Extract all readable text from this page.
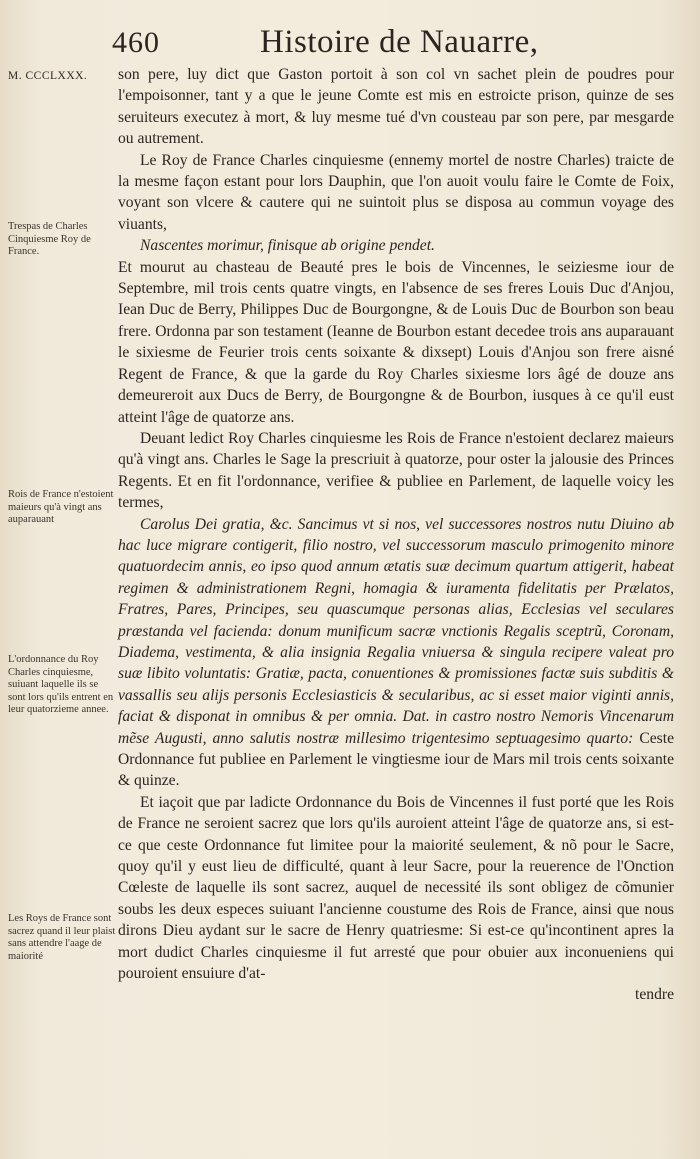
460	Histoire de Nauarre,
M. CCCLXXX.
Trespas de Charles Cinquiesme Roy de France.
Rois de France n'estoient maieurs qu'à vingt ans auparauant
L'ordonnance du Roy Charles cinquiesme, suiuant laquelle ils se sont lors qu'ils entrent en leur quatorzieme annee.
Les Roys de France sont sacrez quand il leur plaist sans attendre l'aage de maiorité

son pere, luy dict que Gaston portoit à son col vn sachet plein de poudres pour l'empoisonner, tant y a que le jeune Comte est mis en estroicte prison, quinze de ses seruiteurs executez à mort, & luy mesme tué d'vn cousteau par son pere, par mesgarde ou autrement.

Le Roy de France Charles cinquiesme (ennemy mortel de nostre Charles) traicte de la mesme façon estant pour lors Dauphin, que l'on auoit voulu faire le Comte de Foix, voyant son vlcere & cautere qui ne suintoit plus se disposa au commun voyage des viuants,

Nascentes morimur, finisque ab origine pendet.

Et mourut au chasteau de Beauté pres le bois de Vincennes, le seiziesme iour de Septembre, mil trois cents quatre vingts, en l'absence de ses freres Louis Duc d'Anjou, Iean Duc de Berry, Philippes Duc de Bourgongne, & de Louis Duc de Bourbon son beau frere. Ordonna par son testament (Ieanne de Bourbon estant decedee trois ans auparauant le sixiesme de Feurier trois cents soixante & dixsept) Louis d'Anjou son frere aisné Regent de France, & que la garde du Roy Charles sixiesme lors âgé de douze ans demeureroit aux Ducs de Berry, de Bourgongne & de Bourbon, iusques à ce qu'il eust atteint l'âge de quatorze ans.

Deuant ledict Roy Charles cinquiesme les Rois de France n'estoient declarez maieurs qu'à vingt ans. Charles le Sage la prescriuit à quatorze, pour oster la jalousie des Princes Regents. Et en fit l'ordonnance, verifiee & publiee en Parlement, de laquelle voicy les termes,

Carolus Dei gratia, &c. Sancimus vt si nos, vel successores nostros nutu Diuino ab hac luce migrare contigerit, filio nostro, vel successorum masculo primogenito minore quatuordecim annis, eo ipso quod annum ætatis suæ decimum quartum attigerit, habeat regimen & administrationem Regni, homagia & iuramenta fidelitatis per Prælatos, Fratres, Pares, Principes, seu quascumque personas alias, Ecclesias vel seculares præstanda vel facienda: donum munificum sacræ vnctionis Regalis sceptrũ, Coronam, Diadema, vestimenta, & alia insignia Regalia vniuersa & singula recipere valeat pro suæ libito voluntatis: Gratiæ, pacta, conuentiones & promissiones factæ suis subditis & vassallis seu alijs personis Ecclesiasticis & secularibus, ac si esset maior viginti annis, faciat & disponat in omnibus & per omnia. Dat. in castro nostro Nemoris Vincenarum mẽse Augusti, anno salutis nostræ millesimo trigentesimo septuagesimo quarto: Ceste Ordonnance fut publiee en Parlement le vingtiesme iour de Mars mil trois cents soixante & quinze.

Et iaçoit que par ladicte Ordonnance du Bois de Vincennes il fust porté que les Rois de France ne seroient sacrez que lors qu'ils auroient atteint l'âge de quatorze ans, si est-ce que ceste Ordonnance fut limitee pour la maiorité seulement, & nõ pour le Sacre, quoy qu'il y eust lieu de difficulté, quant à leur Sacre, pour la reuerence de l'Onction Cœleste de laquelle ils sont sacrez, auquel de necessité ils sont obligez de cõmunier soubs les deux especes suiuant l'ancienne coustume des Rois de France, ainsi que nous dirons Dieu aydant sur le sacre de Henry quatriesme: Si est-ce qu'incontinent apres la mort dudict Charles cinquiesme il fut arresté que pour obuier aux inconueniens qui pouroient ensuiure d'at-

tendre
